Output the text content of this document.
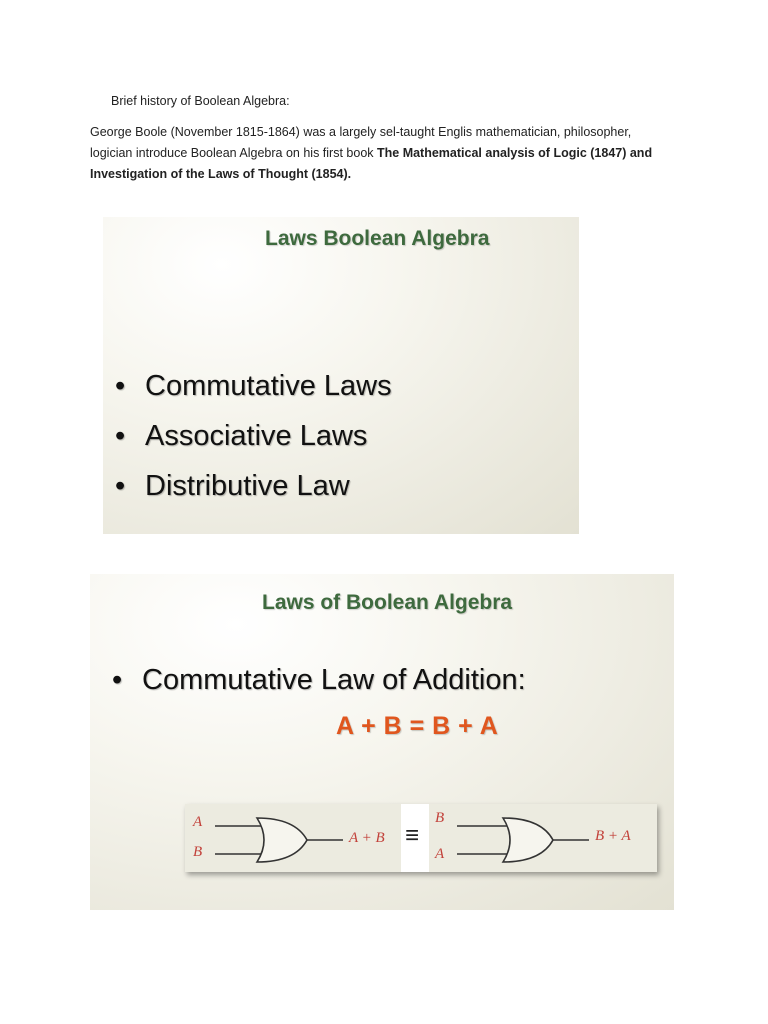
Brief history of Boolean Algebra:
George Boole (November 1815-1864) was a largely sel-taught Englis mathematician, philosopher,
logician introduce Boolean Algebra on his first book The Mathematical analysis of Logic (1847) and
Investigation of the Laws of Thought (1854).
Laws Boolean Algebra
• Commutative Laws
• Associative Laws
• Distributive Law
Laws of Boolean Algebra
• Commutative Law of Addition:
A + B = B + A
A
B
A + B ≡
B
A
B + A
